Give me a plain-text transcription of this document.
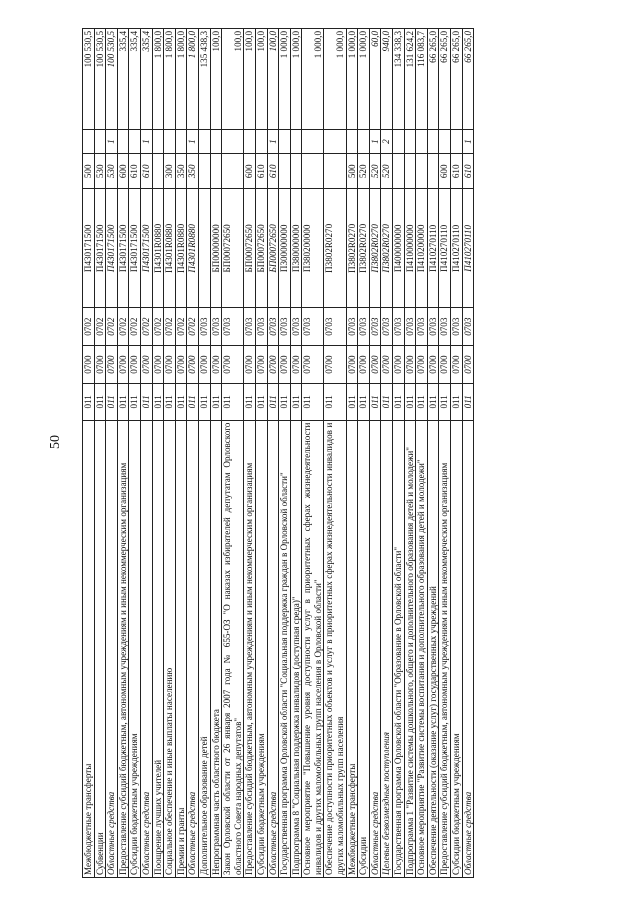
50
Межбюджетные трансферты	011	0700	0702	П430171500	500		100 530,5
Субвенции	011	0700	0702	П430171500	530		100 530,5
Областные средства	011	0700	0702	П430171500	530	1	100 530,5
Предоставление субсидий бюджетным, автономным учреждениям и иным некоммерческим организациям	011	0700	0702	П430171500	600		335,4
Субсидии бюджетным учреждениям	011	0700	0702	П430171500	610		335,4
Областные средства	011	0700	0702	П430171500	610	1	335,4
Поощрение лучших учителей	011	0700	0702	П4301R0880			1 800,0
Социальное обеспечение и иные выплаты населению	011	0700	0702	П4301R0880	300		1 800,0
Премии и гранты	011	0700	0702	П4301R0880	350		1 800,0
Областные средства	011	0700	0702	П4301R0880	350	1	1 800,0
Дополнительное образование детей	011	0700	0703				135 438,3
Непрограммная часть областного бюджета	011	0700	0703	БП00000000			100,0
Закон Орловской области от 26 января 2007 года № 655-ОЗ "О наказах избирателей депутатам Орловского областного Совета народных депутатов"	011	0700	0703	БП00072650			100,0
Предоставление субсидий бюджетным, автономным учреждениям и иным некоммерческим организациям	011	0700	0703	БП00072650	600		100,0
Субсидии бюджетным учреждениям	011	0700	0703	БП00072650	610		100,0
Областные средства	011	0700	0703	БП00072650	610	1	100,0
Государственная программа Орловской области "Социальная поддержка граждан в Орловской области"	011	0700	0703	П300000000			1 000,0
Подпрограмма 8 "Социальная поддержка инвалидов (доступная среда)"	011	0700	0703	П380000000			1 000,0
Основное мероприятие "Повышение уровня доступности услуг в приоритетных сферах жизнедеятельности инвалидов и других маломобильных групп населения в Орловской области"	011	0700	0703	П380200000			1 000,0
Обеспечение доступности приоритетных объектов и услуг в приоритетных сферах жизнедеятельности инвалидов и других маломобильных групп населения	011	0700	0703	П3802R0270			1 000,0
Межбюджетные трансферты	011	0700	0703	П3802R0270	500		1 000,0
Субсидии	011	0700	0703	П3802R0270	520		1 000,0
Областные средства	011	0700	0703	П3802R0270	520	1	60,0
Целевые безвозмездные поступления	011	0700	0703	П3802R0270	520	2	940,0
Государственная программа Орловской области "Образование в Орловской области"	011	0700	0703	П400000000			134 338,3
Подпрограмма 1 "Развитие системы дошкольного, общего и дополнительного образования детей и молодежи"	011	0700	0703	П410000000			131 624,2
Основное мероприятие "Развитие системы воспитания и дополнительного образования детей и молодежи"	011	0700	0703	П410200000			116 083,7
Обеспечение деятельности (оказание услуг) государственных учреждений	011	0700	0703	П410270110			66 265,0
Предоставление субсидий бюджетным, автономным учреждениям и иным некоммерческим организациям	011	0700	0703	П410270110	600		66 265,0
Субсидии бюджетным учреждениям	011	0700	0703	П410270110	610		66 265,0
Областные средства	011	0700	0703	П410270110	610	1	66 265,0
